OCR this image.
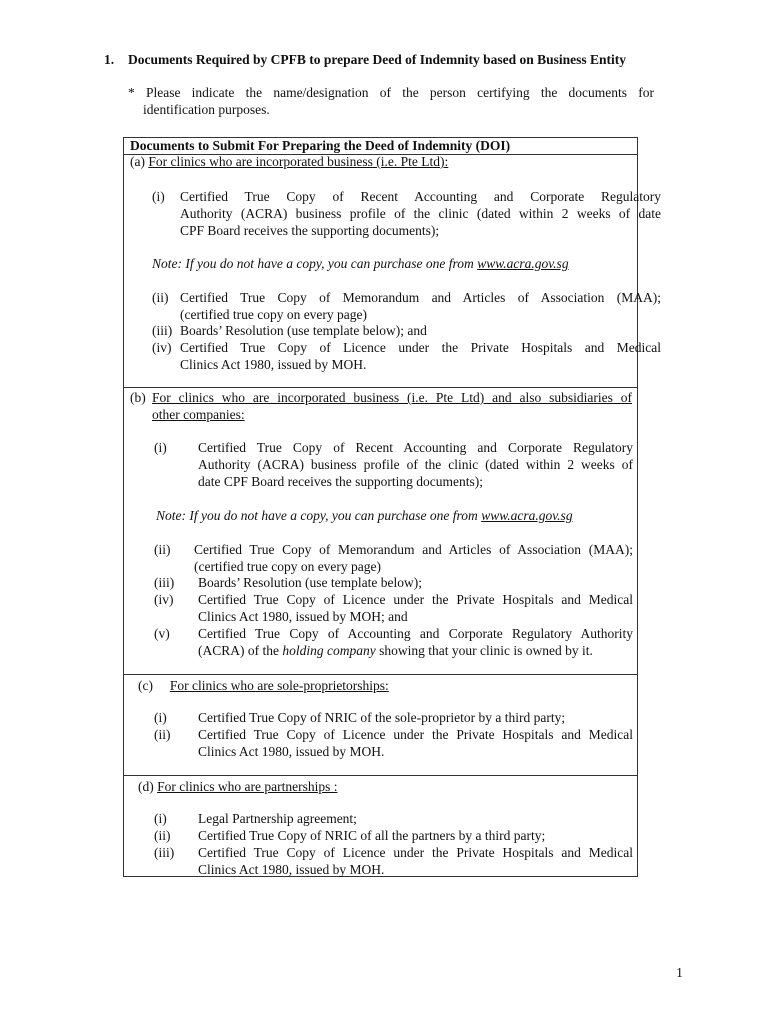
1. Documents Required by CPFB to prepare Deed of Indemnity based on Business Entity
* Please indicate the name/designation of the person certifying the documents for
identification purposes.
Documents to Submit For Preparing the Deed of Indemnity (DOI)
(a) For clinics who are incorporated business (i.e. Pte Ltd):
(i) Certified True Copy of Recent Accounting and Corporate Regulatory
Authority (ACRA) business profile of the clinic (dated within 2 weeks of date
CPF Board receives the supporting documents);
Note: If you do not have a copy, you can purchase one from www.acra.gov.sg
(ii) Certified True Copy of Memorandum and Articles of Association (MAA);
(certified true copy on every page)
(iii) Boards’ Resolution (use template below); and
(iv) Certified True Copy of Licence under the Private Hospitals and Medical
Clinics Act 1980, issued by MOH.
(b) For clinics who are incorporated business (i.e. Pte Ltd) and also subsidiaries of
other companies:
(i) Certified True Copy of Recent Accounting and Corporate Regulatory
Authority (ACRA) business profile of the clinic (dated within 2 weeks of
date CPF Board receives the supporting documents);
Note: If you do not have a copy, you can purchase one from www.acra.gov.sg
(ii) Certified True Copy of Memorandum and Articles of Association (MAA);
(certified true copy on every page)
(iii) Boards’ Resolution (use template below);
(iv) Certified True Copy of Licence under the Private Hospitals and Medical
Clinics Act 1980, issued by MOH; and
(v) Certified True Copy of Accounting and Corporate Regulatory Authority
(ACRA) of the holding company showing that your clinic is owned by it.
(c) For clinics who are sole-proprietorships:
(i) Certified True Copy of NRIC of the sole-proprietor by a third party;
(ii) Certified True Copy of Licence under the Private Hospitals and Medical
Clinics Act 1980, issued by MOH.
(d) For clinics who are partnerships :
(i) Legal Partnership agreement;
(ii) Certified True Copy of NRIC of all the partners by a third party;
(iii) Certified True Copy of Licence under the Private Hospitals and Medical
Clinics Act 1980, issued by MOH.
1
